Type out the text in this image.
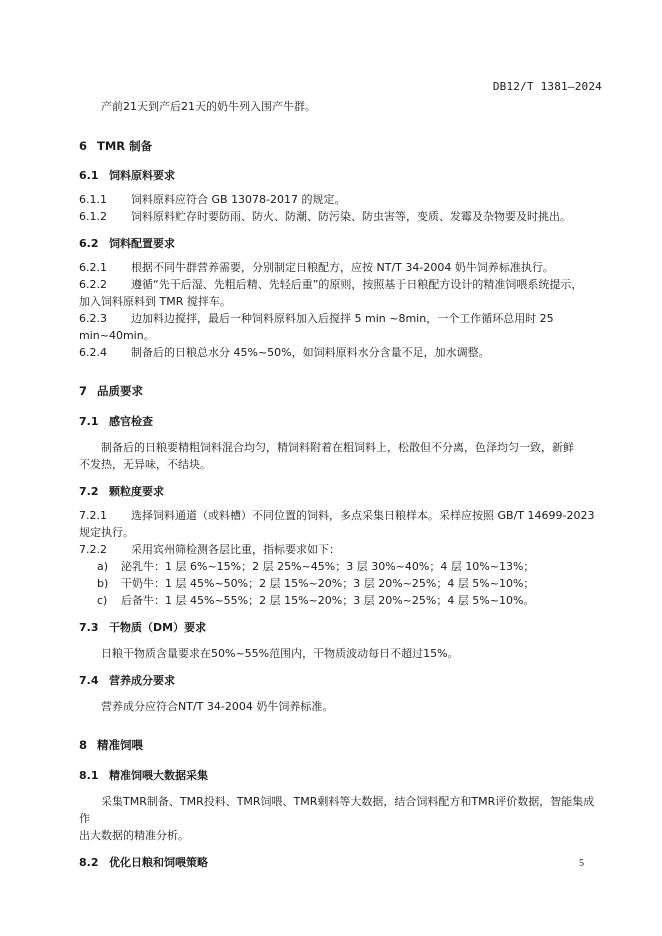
DB12/T 1381—2024

产前21天到产后21天的奶牛列入围产牛群。

6 TMR 制备

6.1 饲料原料要求

6.1.1 饲料原料应符合 GB 13078-2017 的规定。

6.1.2 饲料原料贮存时要防雨、防火、防潮、防污染、防虫害等，变质、发霉及杂物要及时挑出。

6.2 饲料配置要求

6.2.1 根据不同牛群营养需要，分别制定日粮配方，应按 NT/T 34-2004 奶牛饲养标准执行。

6.2.2 遵循“先干后湿、先粗后精、先轻后重”的原则，按照基于日粮配方设计的精准饲喂系统提示，

加入饲料原料到 TMR 搅拌车。

6.2.3 边加料边搅拌，最后一种饲料原料加入后搅拌 5 min ~8min，一个工作循环总用时 25 min~40min。

6.2.4 制备后的日粮总水分 45%~50%，如饲料原料水分含量不足，加水调整。

7 品质要求

7.1 感官检查

制备后的日粮要精粗饲料混合均匀，精饲料附着在粗饲料上，松散但不分离，色泽均匀一致，新鲜

不发热，无异味，不结块。

7.2 颗粒度要求

7.2.1 选择饲料通道（或料槽）不同位置的饲料，多点采集日粮样本。采样应按照 GB/T 14699-2023

规定执行。

7.2.2 采用宾州筛检测各层比重，指标要求如下：

a) 泌乳牛：1 层 6%~15%；2 层 25%~45%；3 层 30%~40%；4 层 10%~13%；

b) 干奶牛：1 层 45%~50%；2 层 15%~20%；3 层 20%~25%；4 层 5%~10%；

c) 后备牛：1 层 45%~55%；2 层 15%~20%；3 层 20%~25%；4 层 5%~10%。

7.3 干物质（DM）要求

日粮干物质含量要求在50%~55%范围内，干物质波动每日不超过15%。

7.4 营养成分要求

营养成分应符合NT/T 34-2004 奶牛饲养标准。

8 精准饲喂

8.1 精准饲喂大数据采集

采集TMR制备、TMR投料、TMR饲喂、TMR剩料等大数据，结合饲料配方和TMR评价数据，智能集成作

出大数据的精准分析。

8.2 优化日粮和饲喂策略	5
